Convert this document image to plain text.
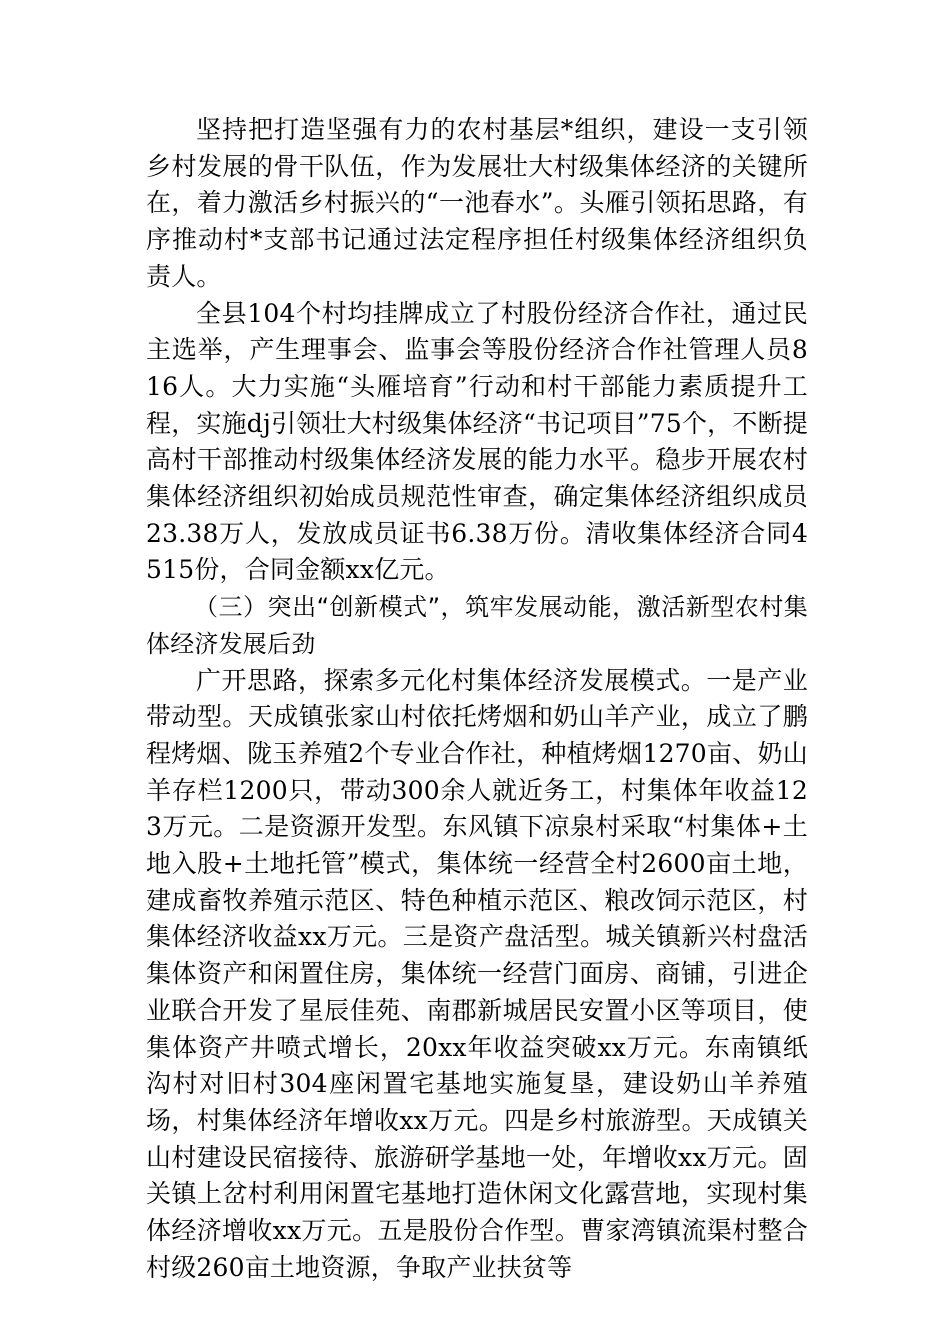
坚持把打造坚强有力的农村基层*组织，建设一支引领乡村发展的骨干队伍，作为发展壮大村级集体经济的关键所在，着力激活乡村振兴的“一池春水”。头雁引领拓思路，有序推动村*支部书记通过法定程序担任村级集体经济组织负责人。

全县104个村均挂牌成立了村股份经济合作社，通过民主选举，产生理事会、监事会等股份经济合作社管理人员816人。大力实施“头雁培育”行动和村干部能力素质提升工程，实施dj引领壮大村级集体经济“书记项目”75个，不断提高村干部推动村级集体经济发展的能力水平。稳步开展农村集体经济组织初始成员规范性审查，确定集体经济组织成员23.38万人，发放成员证书6.38万份。清收集体经济合同4515份，合同金额xx亿元。

（三）突出“创新模式”，筑牢发展动能，激活新型农村集体经济发展后劲

广开思路，探索多元化村集体经济发展模式。一是产业带动型。天成镇张家山村依托烤烟和奶山羊产业，成立了鹏程烤烟、陇玉养殖2个专业合作社，种植烤烟1270亩、奶山羊存栏1200只，带动300余人就近务工，村集体年收益123万元。二是资源开发型。东风镇下凉泉村采取“村集体+土地入股+土地托管”模式，集体统一经营全村2600亩土地，建成畜牧养殖示范区、特色种植示范区、粮改饲示范区，村集体经济收益xx万元。三是资产盘活型。城关镇新兴村盘活集体资产和闲置住房，集体统一经营门面房、商铺，引进企业联合开发了星辰佳苑、南郡新城居民安置小区等项目，使集体资产井喷式增长，20xx年收益突破xx万元。东南镇纸沟村对旧村304座闲置宅基地实施复垦，建设奶山羊养殖场，村集体经济年增收xx万元。四是乡村旅游型。天成镇关山村建设民宿接待、旅游研学基地一处，年增收xx万元。固关镇上岔村利用闲置宅基地打造休闲文化露营地，实现村集体经济增收xx万元。五是股份合作型。曹家湾镇流渠村整合村级260亩土地资源，争取产业扶贫等
